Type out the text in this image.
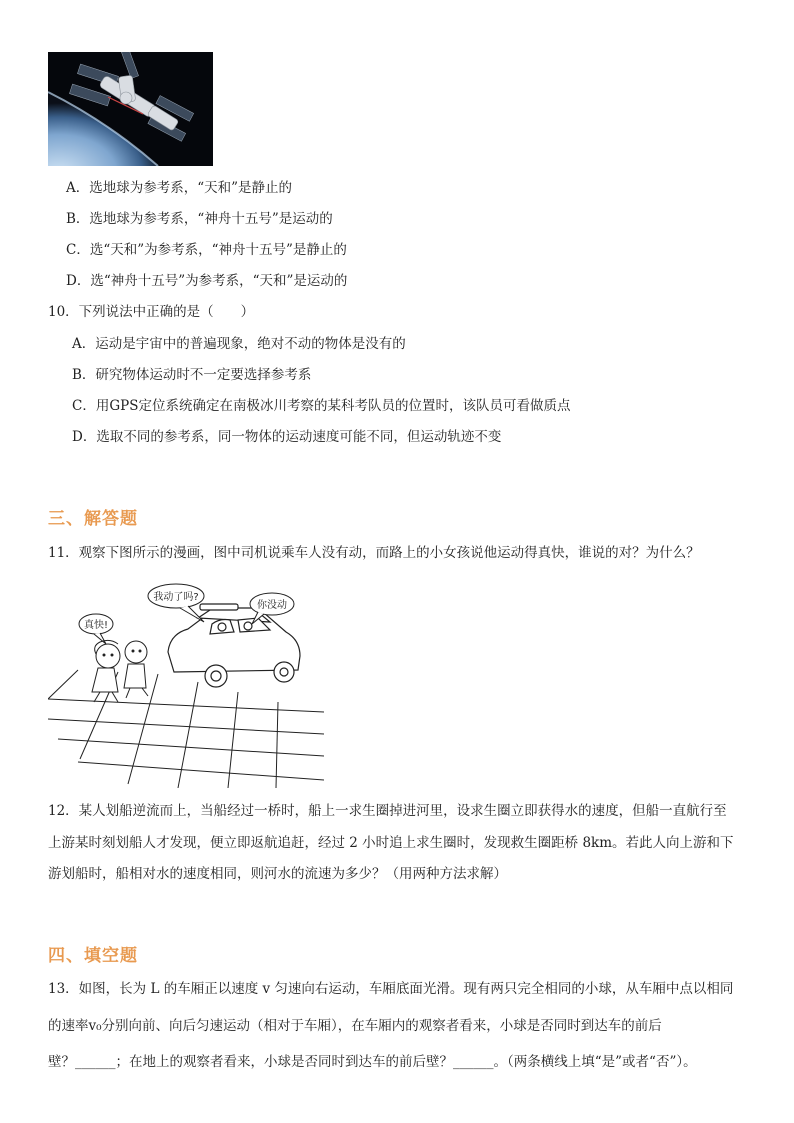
A．选地球为参考系，“天和”是静止的
B．选地球为参考系，“神舟十五号”是运动的
C．选“天和”为参考系，“神舟十五号”是静止的
D．选“神舟十五号”为参考系，“天和”是运动的
10．下列说法中正确的是（　　）
A．运动是宇宙中的普遍现象，绝对不动的物体是没有的
B．研究物体运动时不一定要选择参考系
C．用GPS定位系统确定在南极冰川考察的某科考队员的位置时，该队员可看做质点
D．选取不同的参考系，同一物体的运动速度可能不同，但运动轨迹不变
三、解答题
11．观察下图所示的漫画，图中司机说乘车人没有动，而路上的小女孩说他运动得真快，谁说的对？为什么？
我动了吗?
你没动
真快!
12．某人划船逆流而上，当船经过一桥时，船上一求生圈掉进河里，设求生圈立即获得水的速度，但船一直航行至
上游某时刻划船人才发现，便立即返航追赶，经过 2 小时追上求生圈时，发现救生圈距桥 8km。若此人向上游和下
游划船时，船相对水的速度相同，则河水的流速为多少？（用两种方法求解）
四、填空题
13．如图，长为 L 的车厢正以速度 v 匀速向右运动，车厢底面光滑。现有两只完全相同的小球，从车厢中点以相同
的速率v₀分别向前、向后匀速运动（相对于车厢），在车厢内的观察者看来，小球是否同时到达车的前后
壁？______；在地上的观察者看来，小球是否同时到达车的前后壁？______。（两条横线上填“是”或者“否”）。
